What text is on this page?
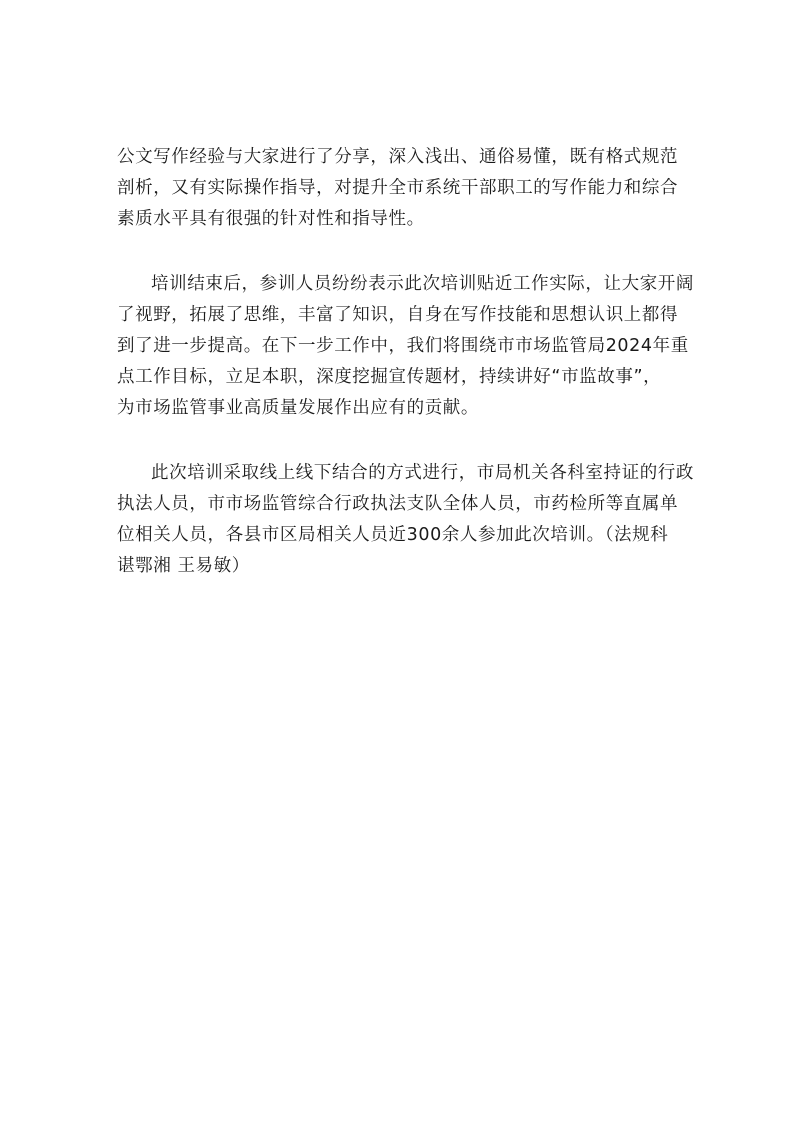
公文写作经验与大家进行了分享，深入浅出、通俗易懂，既有格式规范
剖析，又有实际操作指导，对提升全市系统干部职工的写作能力和综合
素质水平具有很强的针对性和指导性。
培训结束后，参训人员纷纷表示此次培训贴近工作实际，让大家开阔
了视野，拓展了思维，丰富了知识，自身在写作技能和思想认识上都得
到了进一步提高。在下一步工作中，我们将围绕市市场监管局2024年重
点工作目标，立足本职，深度挖掘宣传题材，持续讲好“市监故事”，
为市场监管事业高质量发展作出应有的贡献。
此次培训采取线上线下结合的方式进行，市局机关各科室持证的行政
执法人员，市市场监管综合行政执法支队全体人员，市药检所等直属单
位相关人员，各县市区局相关人员近300余人参加此次培训。（法规科
谌鄂湘 王易敏）
